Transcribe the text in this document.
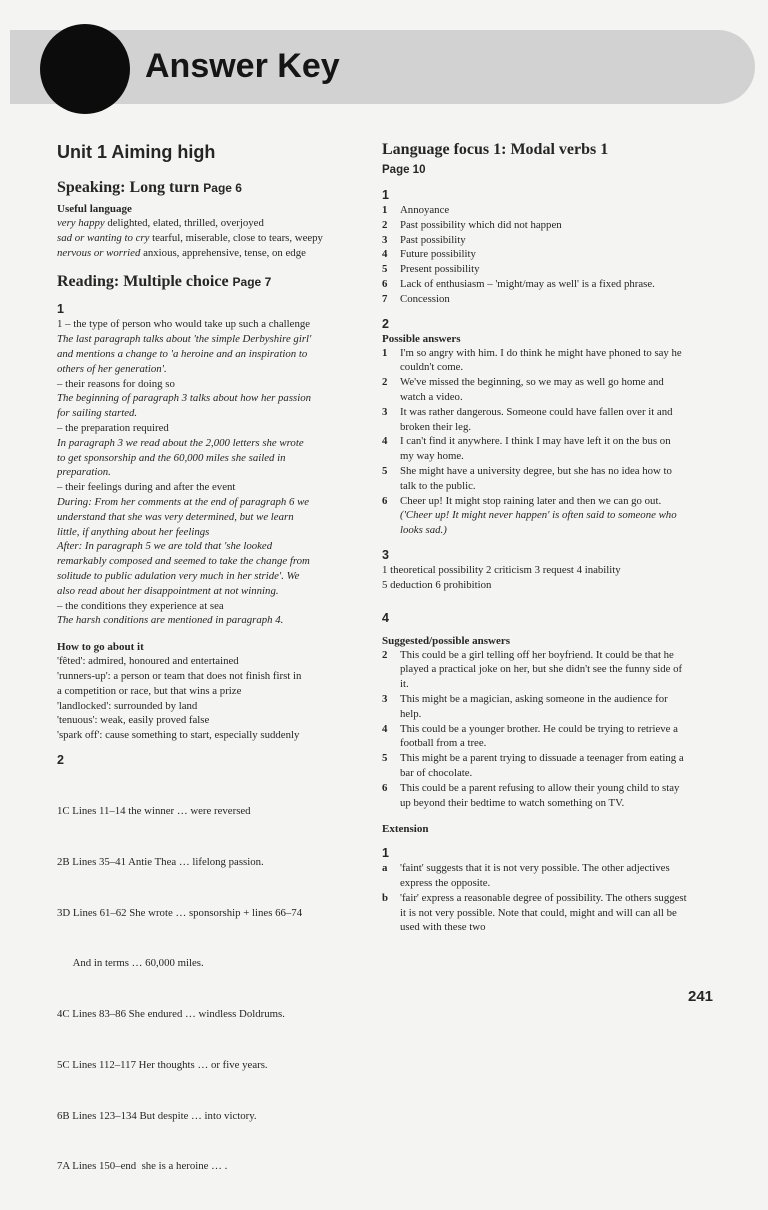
Answer Key
Unit 1 Aiming high
Speaking: Long turn Page 6
Useful language
very happy delighted, elated, thrilled, overjoyed
sad or wanting to cry tearful, miserable, close to tears, weepy
nervous or worried anxious, apprehensive, tense, on edge
Reading: Multiple choice Page 7
1
1 – the type of person who would take up such a challenge
The last paragraph talks about 'the simple Derbyshire girl'
and mentions a change to 'a heroine and an inspiration to
others of her generation'.
– their reasons for doing so
The beginning of paragraph 3 talks about how her passion
for sailing started.
– the preparation required
In paragraph 3 we read about the 2,000 letters she wrote
to get sponsorship and the 60,000 miles she sailed in
preparation.
– their feelings during and after the event
During: From her comments at the end of paragraph 6 we
understand that she was very determined, but we learn
little, if anything about her feelings
After: In paragraph 5 we are told that 'she looked
remarkably composed and seemed to take the change from
solitude to public adulation very much in her stride'. We
also read about her disappointment at not winning.
– the conditions they experience at sea
The harsh conditions are mentioned in paragraph 4.
How to go about it
'fêted': admired, honoured and entertained
'runners-up': a person or team that does not finish first in
a competition or race, but that wins a prize
'landlocked': surrounded by land
'tenuous': weak, easily proved false
'spark off': cause something to start, especially suddenly
2

1C Lines 11–14 the winner … were reversed

2B Lines 35–41 Antie Thea … lifelong passion.

3D Lines 61–62 She wrote … sponsorship + lines 66–74

And in terms … 60,000 miles.

4C Lines 83–86 She endured … windless Doldrums.

5C Lines 112–117 Her thoughts … or five years.

6B Lines 123–134 But despite … into victory.

7A Lines 150–end  she is a heroine … .

Language focus 1: Modal verbs 1
Page 10
1
1	Annoyance
2	Past possibility which did not happen
3	Past possibility
4	Future possibility
5	Present possibility
6	Lack of enthusiasm – 'might/may as well' is a fixed phrase.
7	Concession
2
Possible answers
1	I'm so angry with him. I do think he might have phoned to say he couldn't come.
2	We've missed the beginning, so we may as well go home and watch a video.
3	It was rather dangerous. Someone could have fallen over it and broken their leg.
4	I can't find it anywhere. I think I may have left it on the bus on my way home.
5	She might have a university degree, but she has no idea how to talk to the public.
6	Cheer up! It might stop raining later and then we can go out.
('Cheer up! It might never happen' is often said to someone who looks sad.)
3
1 theoretical possibility 2 criticism 3 request 4 inability
5 deduction 6 prohibition
4
Suggested/possible answers
2	This could be a girl telling off her boyfriend. It could be that he played a practical joke on her, but she didn't see the funny side of it.
3	This might be a magician, asking someone in the audience for help.
4	This could be a younger brother. He could be trying to retrieve a football from a tree.
5	This might be a parent trying to dissuade a teenager from eating a bar of chocolate.
6	This could be a parent refusing to allow their young child to stay up beyond their bedtime to watch something on TV.
Extension
1
a	'faint' suggests that it is not very possible. The other adjectives express the opposite.
b	'fair' express a reasonable degree of possibility. The others suggest it is not very possible. Note that could, might and will can all be used with these two
241
